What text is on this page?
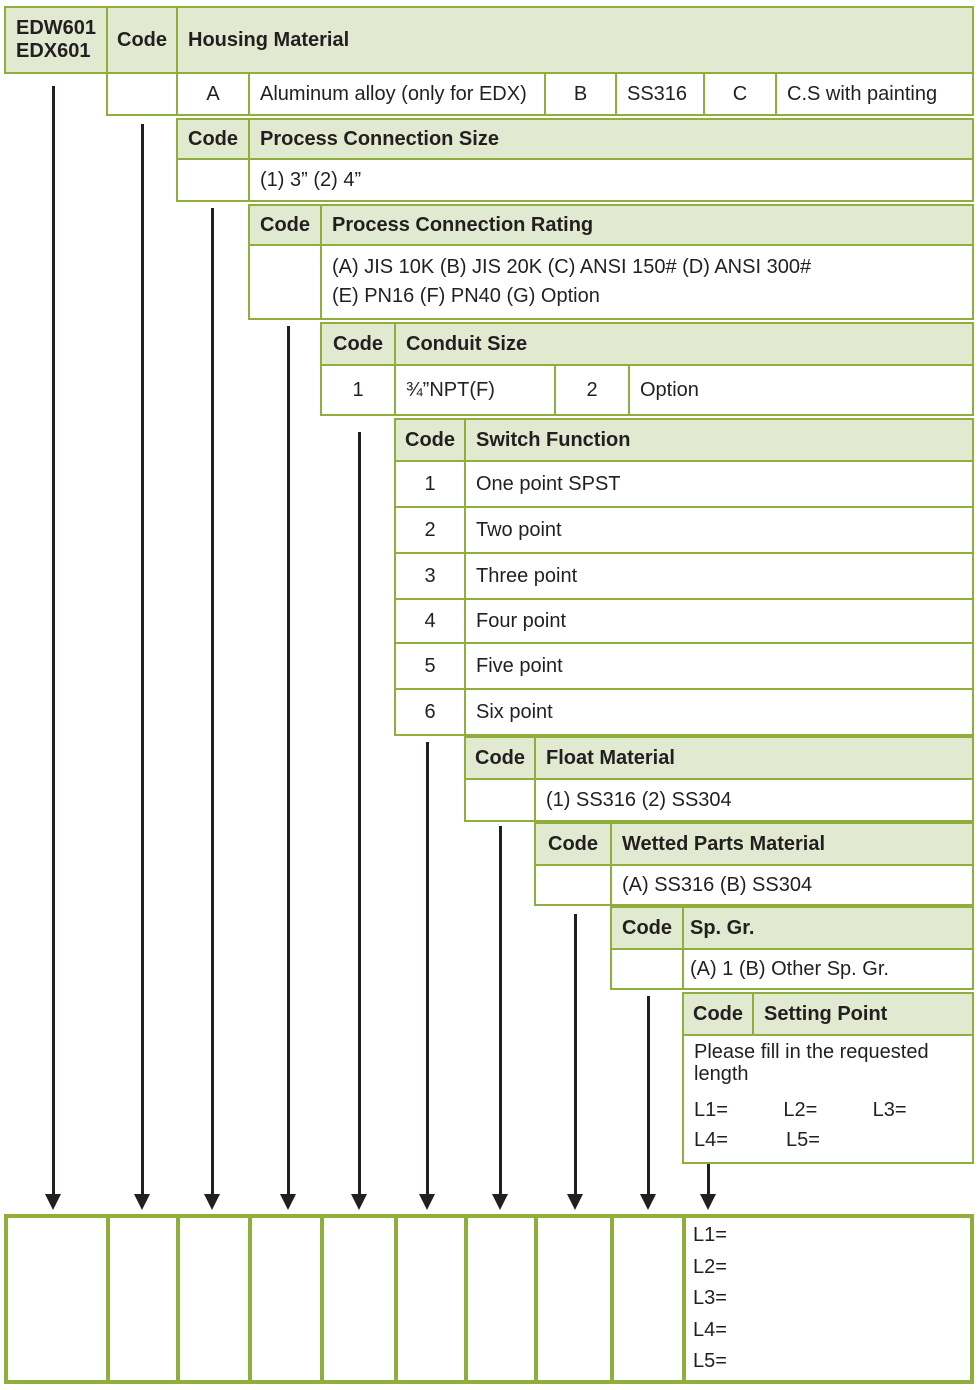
EDW601
EDX601
Code	Housing Material
A	Aluminum alloy (only for EDX)	B	SS316	C	C.S with painting
Code	Process Connection Size
(1) 3” (2) 4”
Code	Process Connection Rating
(A) JIS 10K (B) JIS 20K (C) ANSI 150# (D) ANSI 300#
(E) PN16 (F) PN40 (G) Option
Code	Conduit Size
1	¾”NPT(F)	2	Option
Code	Switch Function
1	One point SPST
2	Two point
3	Three point
4	Four point
5	Five point
6	Six point
Code	Float Material
(1) SS316 (2) SS304
Code	Wetted Parts Material
(A) SS316 (B) SS304
Code Sp. Gr.
(A) 1 (B) Other Sp. Gr.
Code	Setting Point
Please fill in the requested
length
L1=	L2=	L3=
L4=	L5=
L1=
L2=
L3=
L4=
L5=
